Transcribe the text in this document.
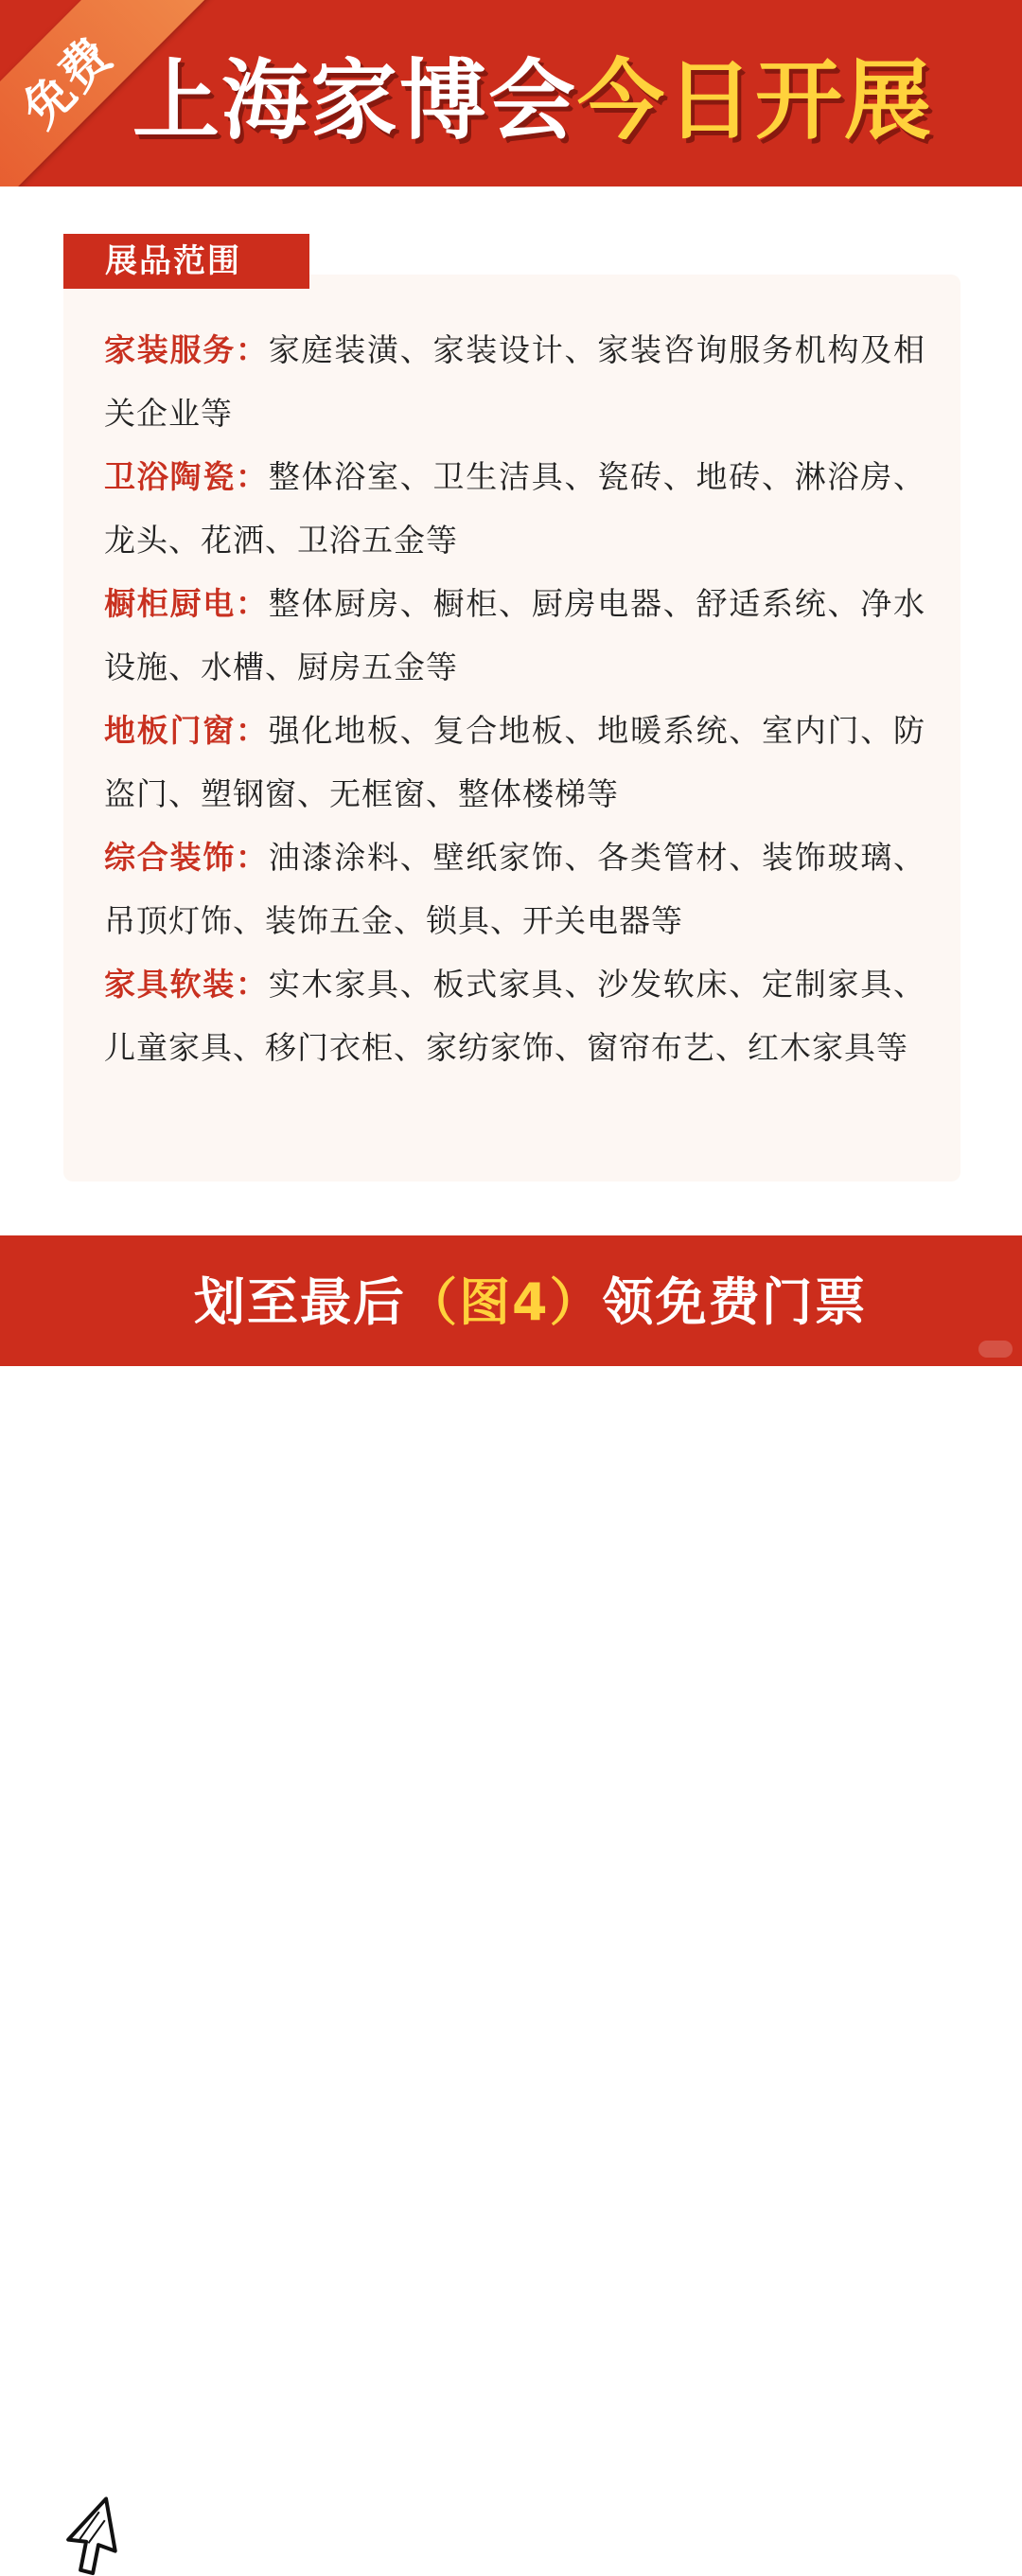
免费 上海家博会今日开展
展品范围
家装服务：家庭装潢、家装设计、家装咨询服务机构及相关企业等
卫浴陶瓷：整体浴室、卫生洁具、瓷砖、地砖、淋浴房、龙头、花洒、卫浴五金等
橱柜厨电：整体厨房、橱柜、厨房电器、舒适系统、净水设施、水槽、厨房五金等
地板门窗：强化地板、复合地板、地暖系统、室内门、防盗门、塑钢窗、无框窗、整体楼梯等
综合装饰：油漆涂料、壁纸家饰、各类管材、装饰玻璃、吊顶灯饰、装饰五金、锁具、开关电器等
家具软装：实木家具、板式家具、沙发软床、定制家具、儿童家具、移门衣柜、家纺家饰、窗帘布艺、红木家具等
划至最后（图4）领免费门票
